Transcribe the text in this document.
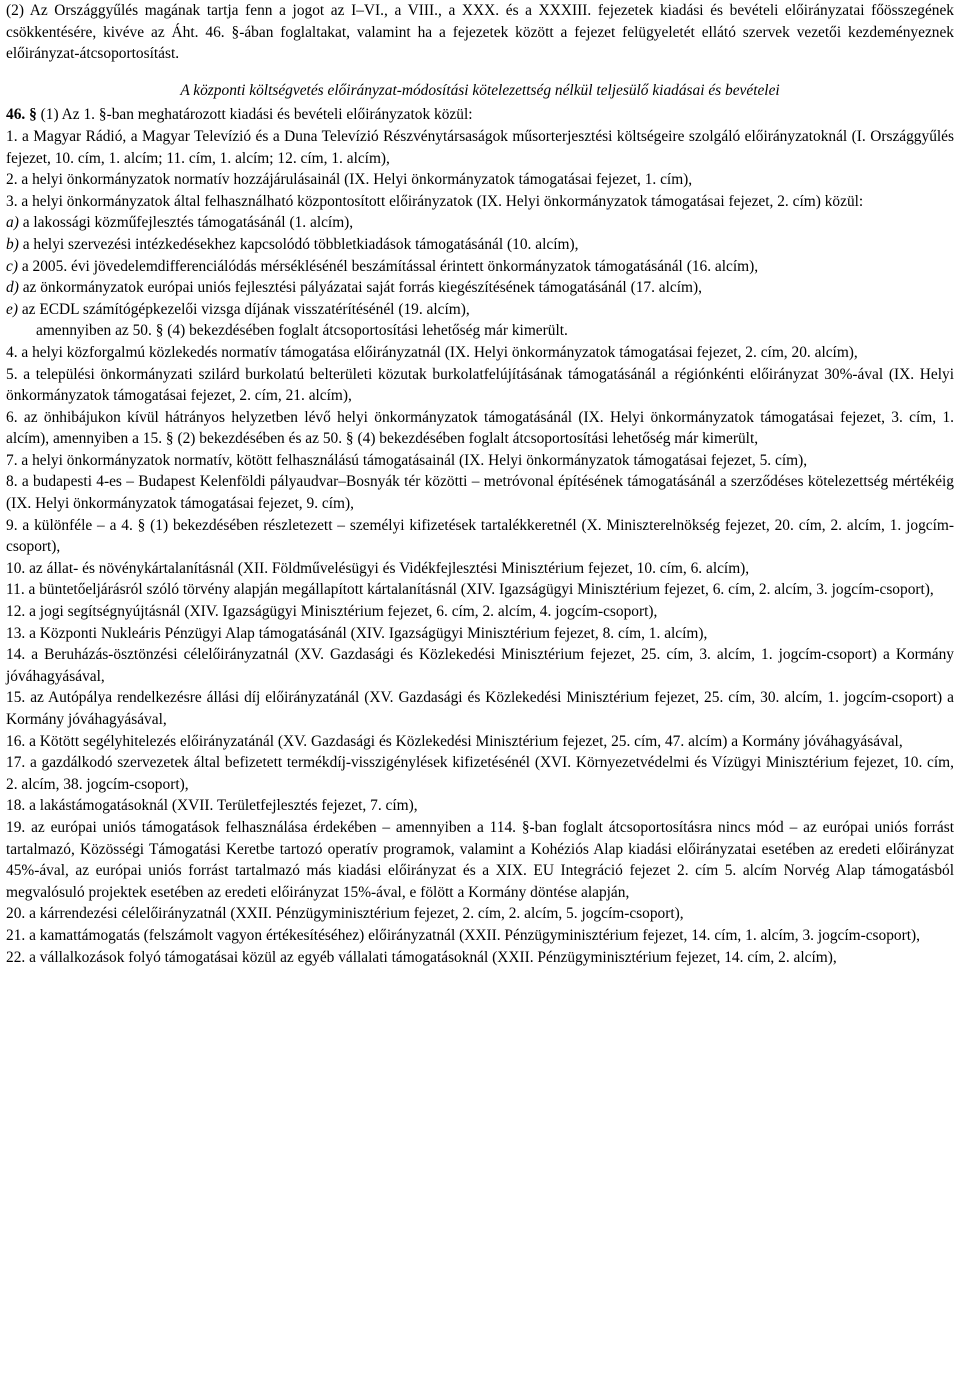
(2) Az Országgyűlés magának tartja fenn a jogot az I–VI., a VIII., a XXX. és a XXXIII. fejezetek kiadási és bevételi előirányzatai főösszegének csökkentésére, kivéve az Áht. 46. §-ában foglaltakat, valamint ha a fejezetek között a fejezet felügyeletét ellátó szervek vezetői kezdeményeznek előirányzat-átcsoportosítást.

A központi költségvetés előirányzat-módosítási kötelezettség nélkül teljesülő kiadásai és bevételei

46. § (1) Az 1. §-ban meghatározott kiadási és bevételi előirányzatok közül:

1. a Magyar Rádió, a Magyar Televízió és a Duna Televízió Részvénytársaságok műsorterjesztési költségeire szolgáló előirányzatoknál (I. Országgyűlés fejezet, 10. cím, 1. alcím; 11. cím, 1. alcím; 12. cím, 1. alcím),

2. a helyi önkormányzatok normatív hozzájárulásainál (IX. Helyi önkormányzatok támogatásai fejezet, 1. cím),

3. a helyi önkormányzatok által felhasználható központosított előirányzatok (IX. Helyi önkormányzatok támogatásai fejezet, 2. cím) közül:

a) a lakossági közműfejlesztés támogatásánál (1. alcím),

b) a helyi szervezési intézkedésekhez kapcsolódó többletkiadások támogatásánál (10. alcím),

c) a 2005. évi jövedelemdifferenciálódás mérséklésénél beszámítással érintett önkormányzatok támogatásánál (16. alcím),

d) az önkormányzatok európai uniós fejlesztési pályázatai saját forrás kiegészítésének támogatásánál (17. alcím),

e) az ECDL számítógépkezelői vizsga díjának visszatérítésénél (19. alcím),

amennyiben az 50. § (4) bekezdésében foglalt átcsoportosítási lehetőség már kimerült.

4. a helyi közforgalmú közlekedés normatív támogatása előirányzatnál (IX. Helyi önkormányzatok támogatásai fejezet, 2. cím, 20. alcím),

5. a települési önkormányzati szilárd burkolatú belterületi közutak burkolatfelújításának támogatásánál a régiónkénti előirányzat 30%-ával (IX. Helyi önkormányzatok támogatásai fejezet, 2. cím, 21. alcím),

6. az önhibájukon kívül hátrányos helyzetben lévő helyi önkormányzatok támogatásánál (IX. Helyi önkormányzatok támogatásai fejezet, 3. cím, 1. alcím), amennyiben a 15. § (2) bekezdésében és az 50. § (4) bekezdésében foglalt átcsoportosítási lehetőség már kimerült,

7. a helyi önkormányzatok normatív, kötött felhasználású támogatásainál (IX. Helyi önkormányzatok támogatásai fejezet, 5. cím),

8. a budapesti 4-es – Budapest Kelenföldi pályaudvar–Bosnyák tér közötti – metróvonal építésének támogatásánál a szerződéses kötelezettség mértékéig (IX. Helyi önkormányzatok támogatásai fejezet, 9. cím),

9. a különféle – a 4. § (1) bekezdésében részletezett – személyi kifizetések tartalékkeretnél (X. Miniszterelnökség fejezet, 20. cím, 2. alcím, 1. jogcím-csoport),

10. az állat- és növénykártalanításnál (XII. Földművelésügyi és Vidékfejlesztési Minisztérium fejezet, 10. cím, 6. alcím),

11. a büntetőeljárásról szóló törvény alapján megállapított kártalanításnál (XIV. Igazságügyi Minisztérium fejezet, 6. cím, 2. alcím, 3. jogcím-csoport),

12. a jogi segítségnyújtásnál (XIV. Igazságügyi Minisztérium fejezet, 6. cím, 2. alcím, 4. jogcím-csoport),

13. a Központi Nukleáris Pénzügyi Alap támogatásánál (XIV. Igazságügyi Minisztérium fejezet, 8. cím, 1. alcím),

14. a Beruházás-ösztönzési célelőirányzatnál (XV. Gazdasági és Közlekedési Minisztérium fejezet, 25. cím, 3. alcím, 1. jogcím-csoport) a Kormány jóváhagyásával,

15. az Autópálya rendelkezésre állási díj előirányzatánál (XV. Gazdasági és Közlekedési Minisztérium fejezet, 25. cím, 30. alcím, 1. jogcím-csoport) a Kormány jóváhagyásával,

16. a Kötött segélyhitelezés előirányzatánál (XV. Gazdasági és Közlekedési Minisztérium fejezet, 25. cím, 47. alcím) a Kormány jóváhagyásával,

17. a gazdálkodó szervezetek által befizetett termékdíj-visszigénylések kifizetésénél (XVI. Környezetvédelmi és Vízügyi Minisztérium fejezet, 10. cím, 2. alcím, 38. jogcím-csoport),

18. a lakástámogatásoknál (XVII. Területfejlesztés fejezet, 7. cím),

19. az európai uniós támogatások felhasználása érdekében – amennyiben a 114. §-ban foglalt átcsoportosításra nincs mód – az európai uniós forrást tartalmazó, Közösségi Támogatási Keretbe tartozó operatív programok, valamint a Kohéziós Alap kiadási előirányzatai esetében az eredeti előirányzat 45%-ával, az európai uniós forrást tartalmazó más kiadási előirányzat és a XIX. EU Integráció fejezet 2. cím 5. alcím Norvég Alap támogatásból megvalósuló projektek esetében az eredeti előirányzat 15%-ával, e fölött a Kormány döntése alapján,

20. a kárrendezési célelőirányzatnál (XXII. Pénzügyminisztérium fejezet, 2. cím, 2. alcím, 5. jogcím-csoport),

21. a kamattámogatás (felszámolt vagyon értékesítéséhez) előirányzatnál (XXII. Pénzügyminisztérium fejezet, 14. cím, 1. alcím, 3. jogcím-csoport),

22. a vállalkozások folyó támogatásai közül az egyéb vállalati támogatásoknál (XXII. Pénzügyminisztérium fejezet, 14. cím, 2. alcím),
